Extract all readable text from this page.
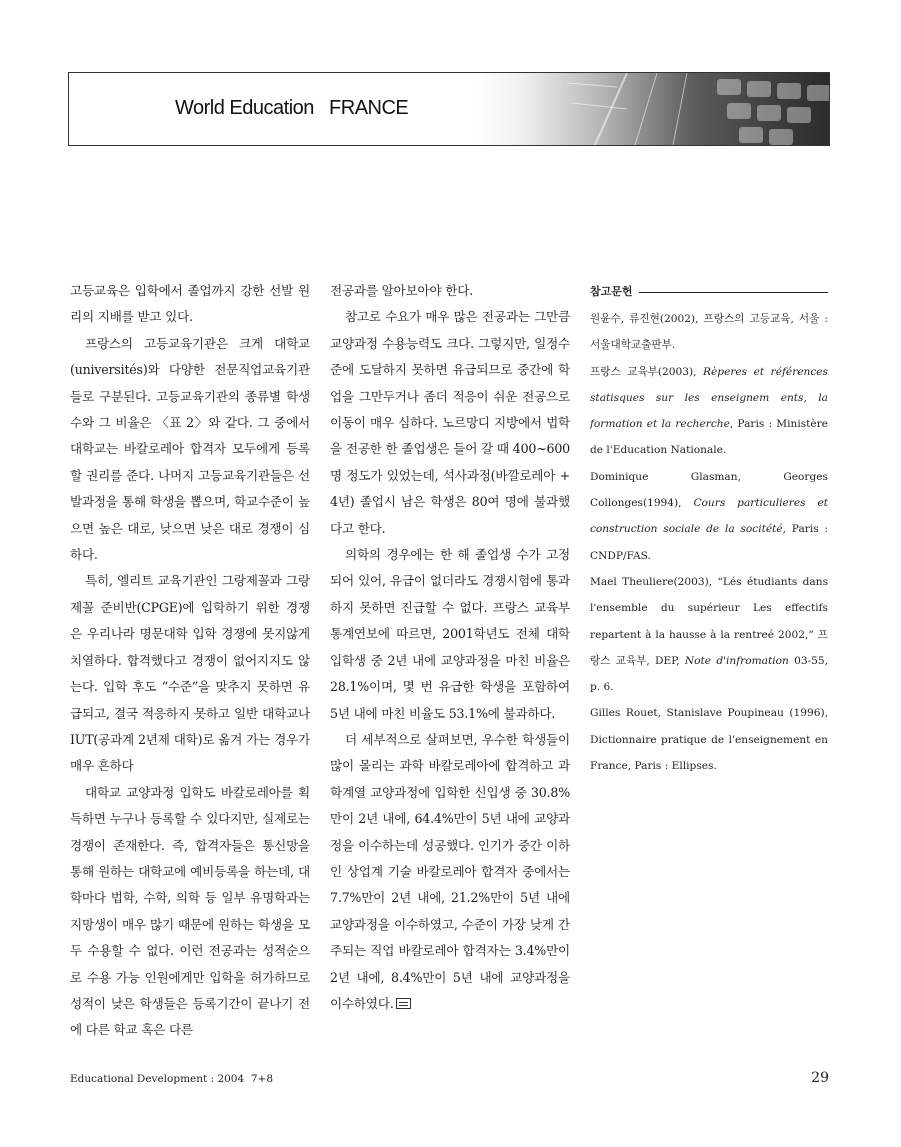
World Education   FRANCE

고등교육은 입학에서 졸업까지 강한 선발 원리의 지배를 받고 있다.

프랑스의 고등교육기관은 크게 대학교(universités)와 다양한 전문직업교육기관들로 구분된다. 고등교육기관의 종류별 학생수와 그 비율은 〈표 2〉와 같다. 그 중에서 대학교는 바칼로레아 합격자 모두에게 등록할 권리를 준다. 나머지 고등교육기관들은 선발과정을 통해 학생을 뽑으며, 학교수준이 높으면 높은 대로, 낮으면 낮은 대로 경쟁이 심하다.

특히, 엘리트 교육기관인 그랑제꼴과 그랑제꼴 준비반(CPGE)에 입학하기 위한 경쟁은 우리나라 명문대학 입학 경쟁에 못지않게 치열하다. 합격했다고 경쟁이 없어지지도 않는다. 입학 후도 “수준”을 맞추지 못하면 유급되고, 결국 적응하지 못하고 일반 대학교나 IUT(공과계 2년제 대학)로 옮겨 가는 경우가 매우 흔하다

대학교 교양과정 입학도 바칼로레아를 획득하면 누구나 등록할 수 있다지만, 실제로는 경쟁이 존재한다. 즉, 합격자들은 통신망을 통해 원하는 대학교에 예비등록을 하는데, 대학마다 법학, 수학, 의학 등 일부 유명학과는 지망생이 매우 많기 때문에 원하는 학생을 모두 수용할 수 없다. 이런 전공과는 성적순으로 수용 가능 인원에게만 입학을 허가하므로 성적이 낮은 학생들은 등록기간이 끝나기 전에 다른 학교 혹은 다른

전공과를 알아보아야 한다.

참고로 수요가 매우 많은 전공과는 그만큼 교양과정 수용능력도 크다. 그렇지만, 일정수준에 도달하지 못하면 유급되므로 중간에 학업을 그만두거나 좀더 적응이 쉬운 전공으로 이동이 매우 심하다. 노르망디 지방에서 법학을 전공한 한 졸업생은 들어 갈 때 400~600명 정도가 있었는데, 석사과정(바깔로레아 + 4년) 졸업시 남은 학생은 80여 명에 불과했다고 한다.

의학의 경우에는 한 해 졸업생 수가 고정되어 있어, 유급이 없더라도 경쟁시험에 통과하지 못하면 진급할 수 없다. 프랑스 교육부 통계연보에 따르면, 2001학년도 전체 대학 입학생 중 2년 내에 교양과정을 마친 비율은 28.1%이며, 몇 번 유급한 학생을 포함하여 5년 내에 마친 비율도 53.1%에 불과하다.

더 세부적으로 살펴보면, 우수한 학생들이 많이 몰리는 과학 바칼로레아에 합격하고 과학계열 교양과정에 입학한 신입생 중 30.8%만이 2년 내에, 64.4%만이 5년 내에 교양과정을 이수하는데 성공했다. 인기가 중간 이하인 상업계 기술 바칼로레아 합격자 중에서는 7.7%만이 2년 내에, 21.2%만이 5년 내에 교양과정을 이수하였고, 수준이 가장 낮게 간주되는 직업 바칼로레아 합격자는 3.4%만이 2년 내에, 8.4%만이 5년 내에 교양과정을 이수하였다.

참고문헌

원윤수, 류진현(2002), 프랑스의 고등교육, 서울 : 서울대학교출판부.

프랑스 교육부(2003), Rèperes et références statisques sur les enseignem ents, la formation et la recherche, Paris : Ministère de l'Education Nationale.

Dominique Glasman, Georges Collonges(1994), Cours particulieres et construction sociale de la socitété, Paris : CNDP/FAS.

Mael Theuliere(2003), “Lés étudiants dans l'ensemble du supérieur Les effectifs repartent à la hausse à la rentreé 2002,” 프랑스 교육부, DEP, Note d'infromation 03-55, p. 6.

Gilles Rouet, Stanislave Poupineau (1996), Dictionnaire pratique de l'enseignement en France, Paris : Ellipses.

Educational Development : 2004  7+8	29
